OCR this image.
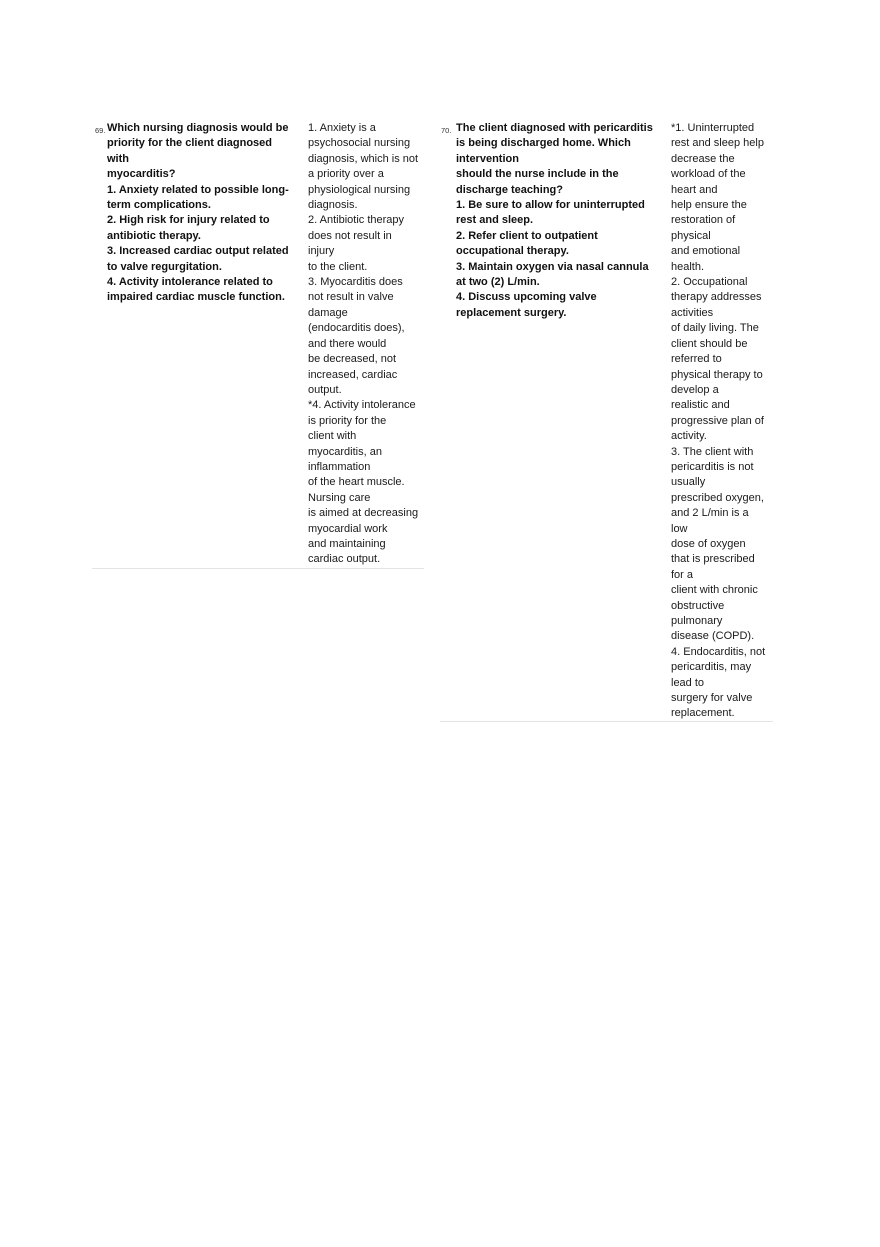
69. Which nursing diagnosis would be
priority for the client diagnosed
with
myocarditis?
1. Anxiety related to possible long-
term complications.
2. High risk for injury related to
antibiotic therapy.
3. Increased cardiac output related
to valve regurgitation.
4. Activity intolerance related to
impaired cardiac muscle function.
1. Anxiety is a
psychosocial nursing
diagnosis, which is not
a priority over a
physiological nursing
diagnosis.
2. Antibiotic therapy
does not result in
injury
to the client.
3. Myocarditis does
not result in valve
damage
(endocarditis does),
and there would
be decreased, not
increased, cardiac
output.
*4. Activity intolerance
is priority for the
client with
myocarditis, an
inflammation
of the heart muscle.
Nursing care
is aimed at decreasing
myocardial work
and maintaining
cardiac output.
70. The client diagnosed with pericarditis
is being discharged home. Which
intervention
should the nurse include in the
discharge teaching?
1. Be sure to allow for uninterrupted
rest and sleep.
2. Refer client to outpatient
occupational therapy.
3. Maintain oxygen via nasal cannula
at two (2) L/min.
4. Discuss upcoming valve
replacement surgery.
*1. Uninterrupted
rest and sleep help
decrease the
workload of the
heart and
help ensure the
restoration of
physical
and emotional
health.
2. Occupational
therapy addresses
activities
of daily living. The
client should be
referred to
physical therapy to
develop a
realistic and
progressive plan of
activity.
3. The client with
pericarditis is not
usually
prescribed oxygen,
and 2 L/min is a
low
dose of oxygen
that is prescribed
for a
client with chronic
obstructive
pulmonary
disease (COPD).
4. Endocarditis, not
pericarditis, may
lead to
surgery for valve
replacement.
